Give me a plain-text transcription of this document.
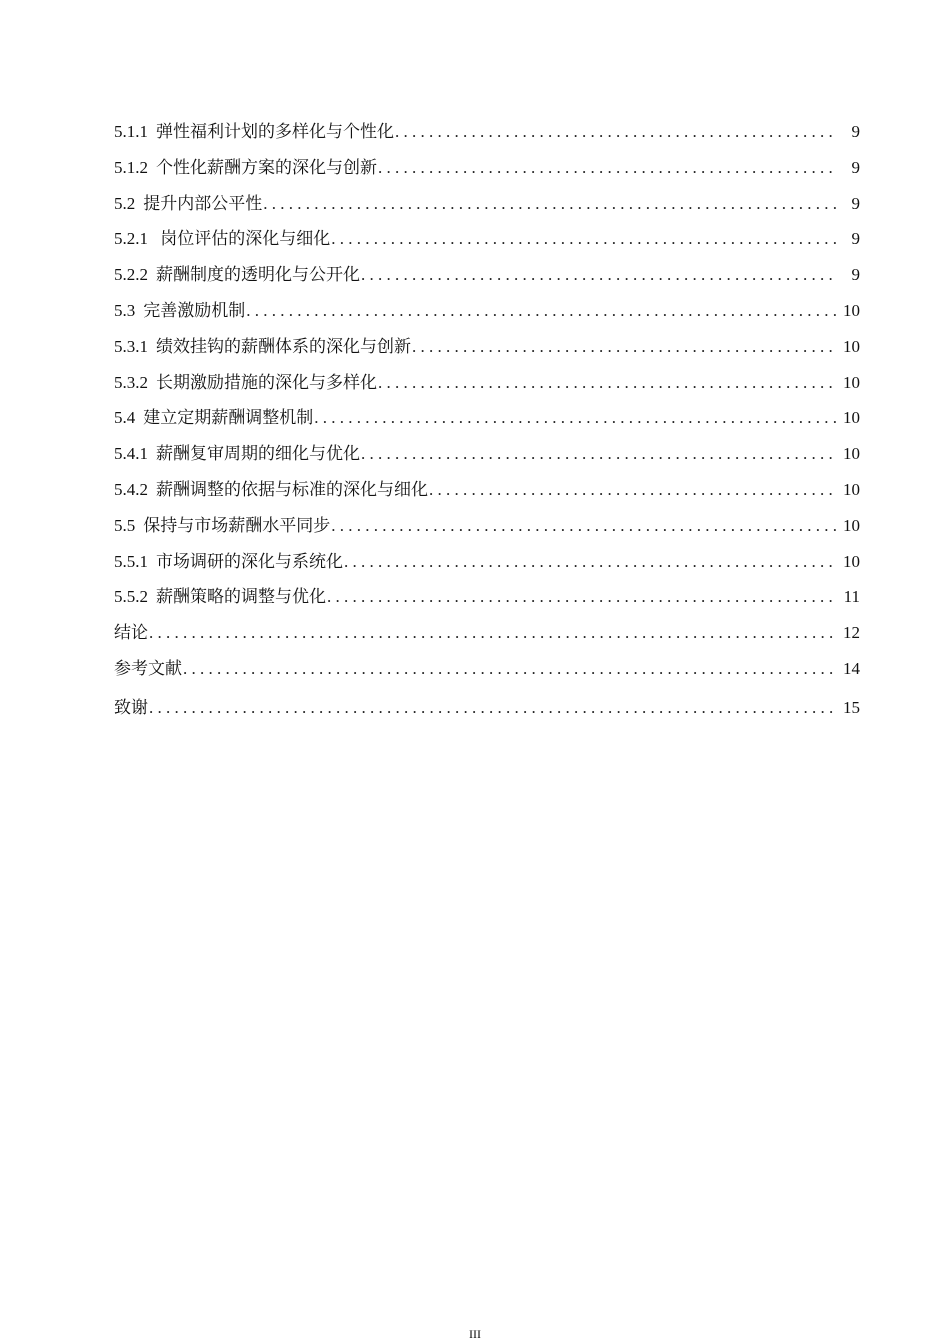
5.1.1 弹性福利计划的多样化与个性化 . . .	9
5.1.2 个性化薪酬方案的深化与创新 . . .	9
5.2 提升内部公平性 . . .	9
5.2.1 岗位评估的深化与细化 . . .	9
5.2.2 薪酬制度的透明化与公开化 . . .	9
5.3 完善激励机制 . . .	10
5.3.1 绩效挂钩的薪酬体系的深化与创新 . . .	10
5.3.2 长期激励措施的深化与多样化 . . .	10
5.4 建立定期薪酬调整机制 . . .	10
5.4.1 薪酬复审周期的细化与优化 . . .	10
5.4.2 薪酬调整的依据与标准的深化与细化 . . .	10
5.5 保持与市场薪酬水平同步 . . .	10
5.5.1 市场调研的深化与系统化 . . .	10
5.5.2 薪酬策略的调整与优化 . . .	11
结论 . . .	12
参考文献 . . .	14
致谢 . . .	15
III
